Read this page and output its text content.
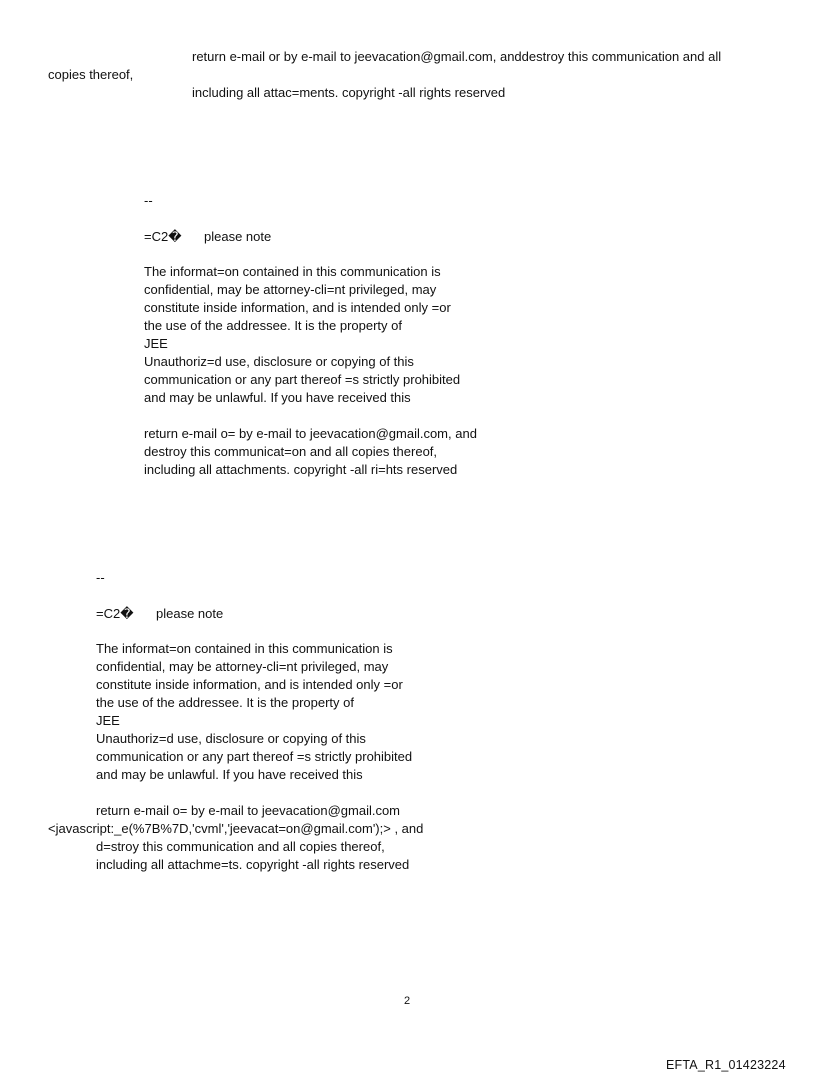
return e-mail or by e-mail to jeevacation@gmail.com, anddestroy this communication and all
copies thereof,
including all attac=ments. copyright -all rights reserved
--
=C2� please note
The informat=on contained in this communication is
confidential, may be attorney-cli=nt privileged, may
constitute inside information, and is intended only =or
the use of the addressee. It is the property of
JEE
Unauthoriz=d use, disclosure or copying of this
communication or any part thereof =s strictly prohibited
and may be unlawful. If you have received this
return e-mail o= by e-mail to jeevacation@gmail.com, and
destroy this communicat=on and all copies thereof,
including all attachments. copyright -all ri=hts reserved
--
=C2� please note
The informat=on contained in this communication is
confidential, may be attorney-cli=nt privileged, may
constitute inside information, and is intended only =or
the use of the addressee. It is the property of
JEE
Unauthoriz=d use, disclosure or copying of this
communication or any part thereof =s strictly prohibited
and may be unlawful. If you have received this
return e-mail o= by e-mail to jeevacation@gmail.com
<javascript:_e(%7B%7D,'cvml','jeevacat=on@gmail.com');> , and
d=stroy this communication and all copies thereof,
including all attachme=ts. copyright -all rights reserved
2
EFTA_R1_01423224
